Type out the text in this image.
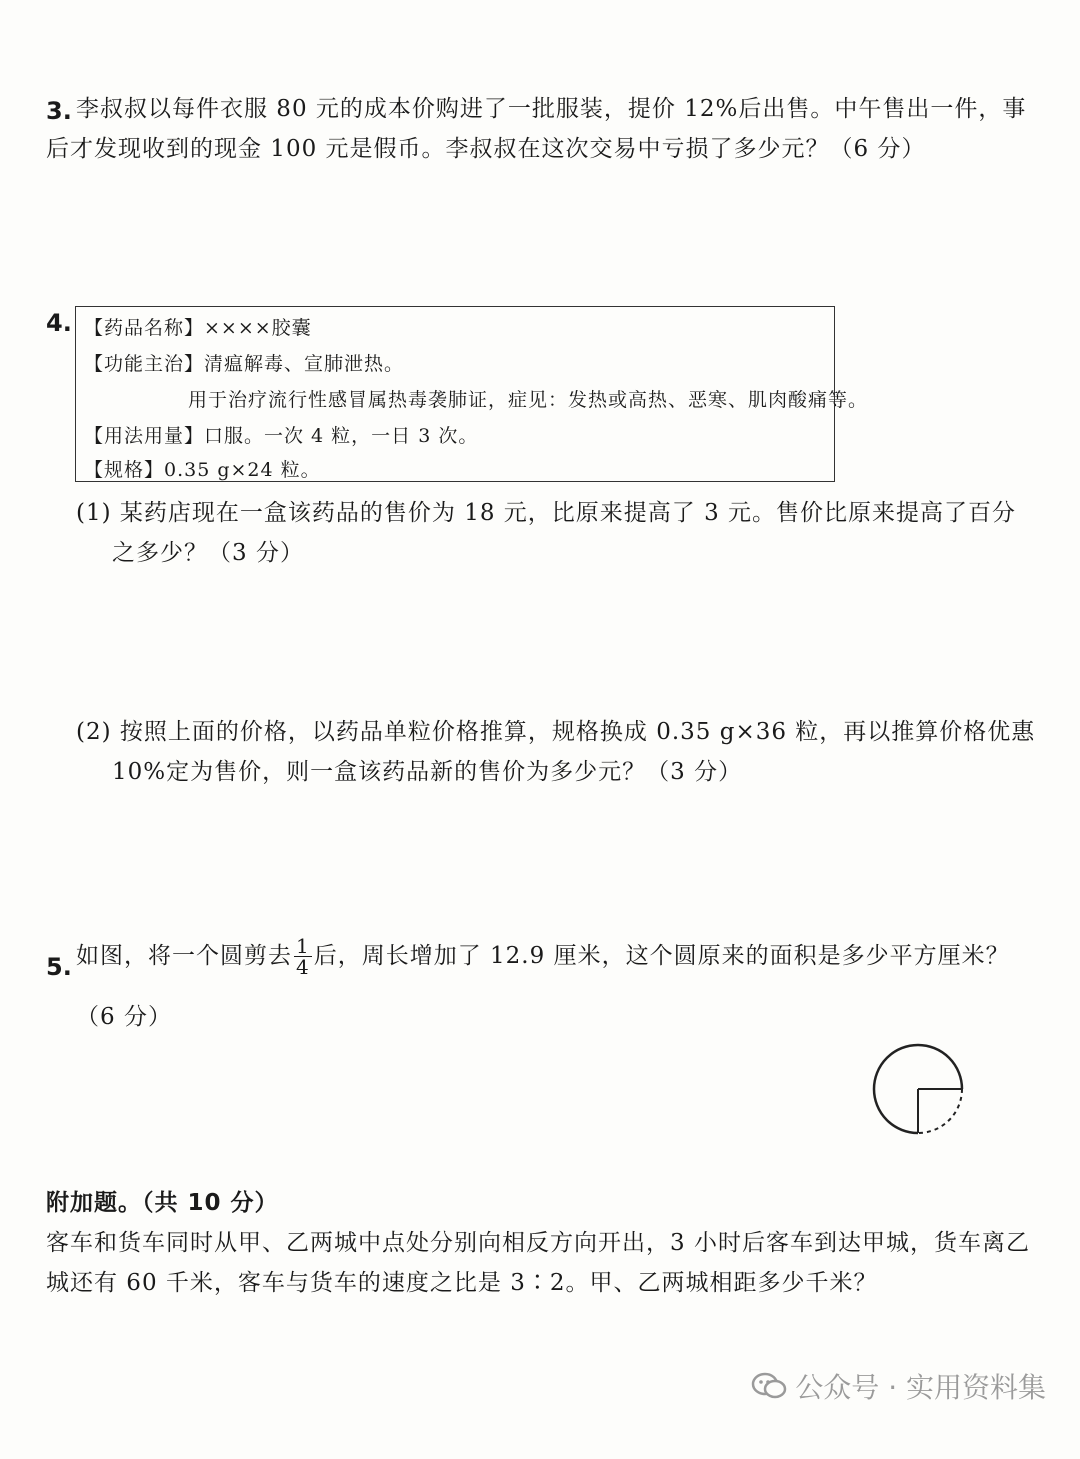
3. 李叔叔以每件衣服 80 元的成本价购进了一批服装，提价 12%后出售。中午售出一件，事
后才发现收到的现金 100 元是假币。李叔叔在这次交易中亏损了多少元？（6 分）
4. 【药品名称】××××胶囊
【功能主治】清瘟解毒、宣肺泄热。
用于治疗流行性感冒属热毒袭肺证，症见：发热或高热、恶寒、肌肉酸痛等。
【用法用量】口服。一次 4 粒，一日 3 次。
【规格】0.35 g×24 粒。
(1) 某药店现在一盒该药品的售价为 18 元，比原来提高了 3 元。售价比原来提高了百分
之多少？（3 分）
(2) 按照上面的价格，以药品单粒价格推算，规格换成 0.35 g×36 粒，再以推算价格优惠
10%定为售价，则一盒该药品新的售价为多少元？（3 分）
5. 如图，将一个圆剪去 $\frac{1}{4}$ 后，周长增加了 12.9 厘米，这个圆原来的面积是多少平方厘米？
（6 分）
附加题。（共 10 分）
客车和货车同时从甲、乙两城中点处分别向相反方向开出，3 小时后客车到达甲城，货车离乙
城还有 60 千米，客车与货车的速度之比是 3∶2。甲、乙两城相距多少千米？
公众号 · 实用资料集
